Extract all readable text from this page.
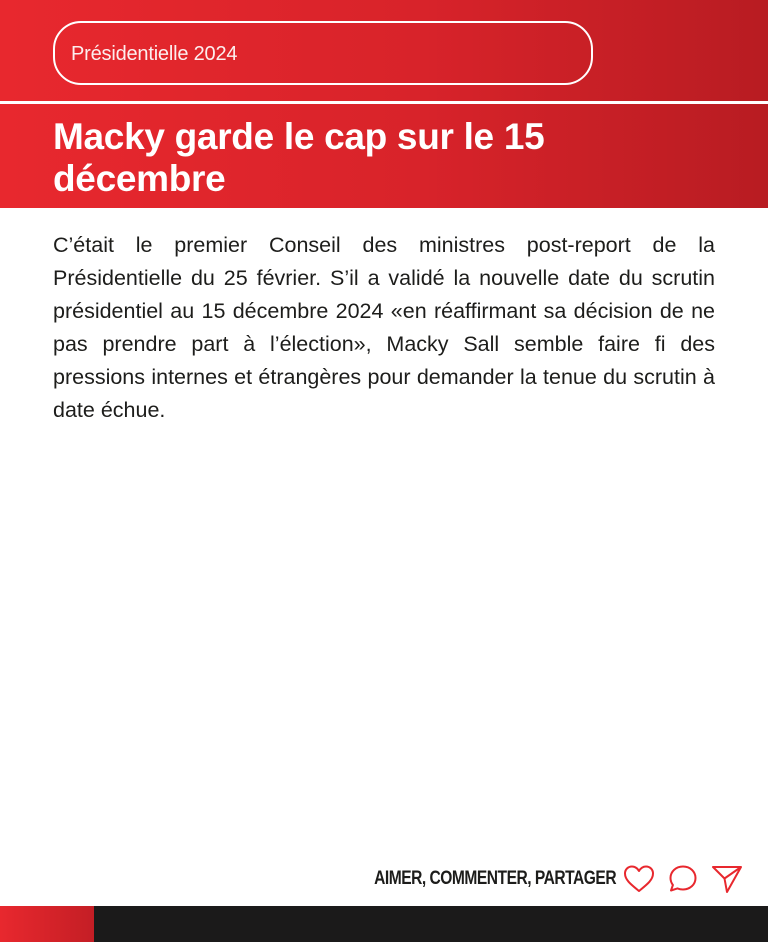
Présidentielle 2024
Macky garde le cap sur le 15 décembre

C’était le premier Conseil des ministres post-report de la Présidentielle du 25 février. S’il a validé la nouvelle date du scrutin présidentiel au 15 décembre 2024 «en réaffirmant sa décision de ne pas prendre part à l’élection», Macky Sall semble faire fi des pressions internes et étrangères pour demander la tenue du scrutin à date échue.

AIMER, COMMENTER, PARTAGER
